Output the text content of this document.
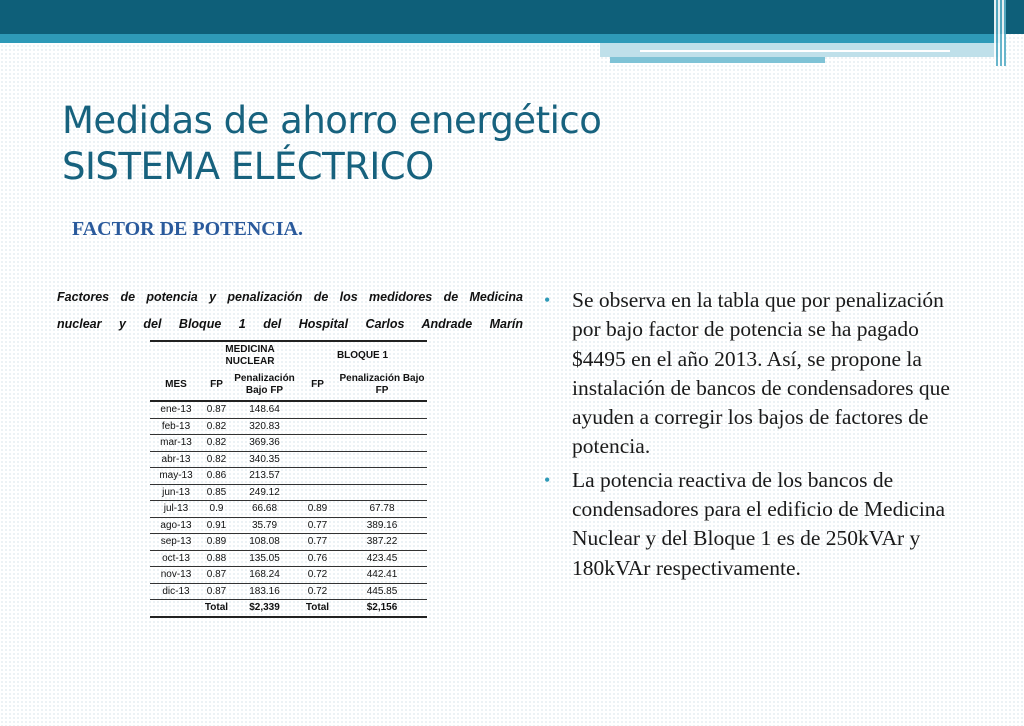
Medidas de ahorro energético
SISTEMA ELÉCTRICO
FACTOR DE POTENCIA.

Factores de potencia y penalización de los medidores de Medicina
nuclear y del Bloque 1 del Hospital Carlos Andrade Marín

	MEDICINA NUCLEAR		BLOQUE 1	
MES	FP	Penalización Bajo FP	FP	Penalización Bajo FP
ene-13	0.87	148.64		
feb-13	0.82	320.83		
mar-13	0.82	369.36		
abr-13	0.82	340.35		
may-13	0.86	213.57		
jun-13	0.85	249.12		
jul-13	0.9	66.68	0.89	67.78
ago-13	0.91	35.79	0.77	389.16
sep-13	0.89	108.08	0.77	387.22
oct-13	0.88	135.05	0.76	423.45
nov-13	0.87	168.24	0.72	442.41
dic-13	0.87	183.16	0.72	445.85
	Total	$2,339	Total	$2,156
• Se observa en la tabla que por penalización por bajo factor de potencia se ha pagado $4495 en el año 2013. Así, se propone la instalación de bancos de condensadores que ayuden a corregir los bajos de factores de potencia.
• La potencia reactiva de los bancos de condensadores para el edificio de Medicina Nuclear y del Bloque 1 es de 250kVAr y 180kVAr respectivamente.
